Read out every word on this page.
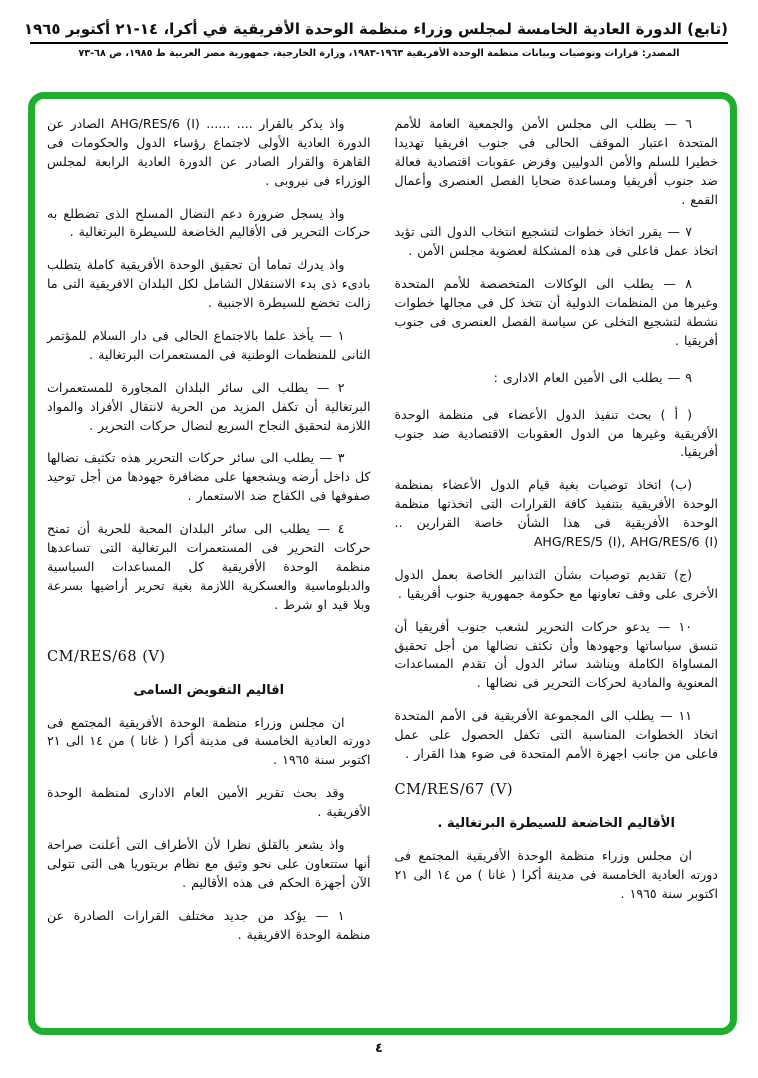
(تابع) الدورة العادية الخامسة لمجلس وزراء منظمة الوحدة الأفريقية في أكرا، ١٤-٢١ أكتوبر ١٩٦٥
المصدر: قرارات وتوصيات وبيانات منظمة الوحدة الأفريقية ١٩٦٣-١٩٨٣، وزارة الخارجية، جمهورية مصر العربية ط ١٩٨٥، ص ٦٨-٧٣

٦ — يطلب الى مجلس الأمن والجمعية العامة للأمم المتحدة اعتبار الموقف الحالى فى جنوب افريقيا تهديدا خطيرا للسلم والأمن الدوليين وفرض عقوبات اقتصادية فعالة ضد جنوب أفريقيا ومساعدة ضحايا الفصل العنصرى وأعمال القمع .

٧ — يقرر اتخاذ خطوات لتشجيع انتخاب الدول التى تؤيد اتخاذ عمل فاعلى فى هذه المشكلة لعضوية مجلس الأمن .

٨ — يطلب الى الوكالات المتخصصة للأمم المتحدة وغيرها من المنظمات الدولية أن تتخذ كل فى مجالها خطوات نشطة لتشجيع التخلى عن سياسة الفصل العنصرى فى جنوب أفريقيا .

٩ — يطلب الى الأمين العام الادارى :

( أ ) بحث تنفيذ الدول الأعضاء فى منظمة الوحدة الأفريقية وغيرها من الدول العقوبات الاقتصادية ضد جنوب أفريقيا.

(ب) اتخاذ توصيات بغية قيام الدول الأعضاء بمنظمة الوحدة الأفريقية بتنفيذ كافة القرارات التى اتخذتها منظمة الوحدة الأفريقية فى هذا الشأن خاصة القرارين .. AHG/RES/5 (I), AHG/RES/6 (I)

(ج) تقديم توصيات بشأن التدابير الخاصة بعمل الدول الأخرى على وقف تعاونها مع حكومة جمهورية جنوب أفريقيا .

١٠ — يدعو حركات التحرير لشعب جنوب أفريقيا أن تنسق سياساتها وجهودها وأن تكثف نضالها من أجل تحقيق المساواة الكاملة ويناشد سائر الدول أن تقدم المساعدات المعنوية والمادية لحركات التحرير فى نضالها .

١١ — يطلب الى المجموعة الأفريقية فى الأمم المتحدة اتخاذ الخطوات المناسبة التى تكفل الحصول على عمل فاعلى من جانب اجهزة الأمم المتحدة فى ضوء هذا القرار .

CM/RES/67 (V)

الأقاليم الخاضعة للسيطرة البرتغالية .

ان مجلس وزراء منظمة الوحدة الأفريقية المجتمع فى دورته العادية الخامسة فى مدينة أكرا ( غانا ) من ١٤ الى ٢١ اكتوبر سنة ١٩٦٥ .

واذ يذكر بالقرار .... ...... AHG/RES/6 (I) الصادر عن الدورة العادية الأولى لاجتماع رؤساء الدول والحكومات فى القاهرة والقرار الصادر عن الدورة العادية الرابعة لمجلس الوزراء فى نيروبى .

واذ يسجل ضرورة دعم النضال المسلح الذى تضطلع به حركات التحرير فى الأقاليم الخاضعة للسيطرة البرتغالية .

واذ يدرك تماما أن تحقيق الوحدة الأفريقية كاملة يتطلب بادىء ذى بدء الاستقلال الشامل لكل البلدان الافريقية التى ما زالت تخضع للسيطرة الاجنبية .

١ — يأخذ علما بالاجتماع الحالى فى دار السلام للمؤتمر الثانى للمنظمات الوطنية فى المستعمرات البرتغالية .

٢ — يطلب الى سائر البلدان المجاورة للمستعمرات البرتغالية أن تكفل المزيد من الحرية لانتقال الأفراد والمواد اللازمة لتحقيق النجاح السريع لنضال حركات التحرير .

٣ — يطلب الى سائر حركات التحرير هذه تكثيف نضالها كل داخل أرضه ويشجعها على مضافرة جهودها من أجل توحيد صفوفها فى الكفاح ضد الاستعمار .

٤ — يطلب الى سائر البلدان المحبة للحرية أن تمنح حركات التحرير فى المستعمرات البرتغالية التى تساعدها منظمة الوحدة الأفريقية كل المساعدات السياسية والدبلوماسية والعسكرية اللازمة بغية تحرير أراضيها بسرعة وبلا قيد او شرط .

CM/RES/68 (V)

اقاليم التفويض السامى

ان مجلس وزراء منظمة الوحدة الأفريقية المجتمع فى دورته العادية الخامسة فى مدينة أكرا ( غانا ) من ١٤ الى ٢١ اكتوبر سنة ١٩٦٥ .

وقد بحث تقرير الأمين العام الادارى لمنظمة الوحدة الأفريقية .

واذ يشعر بالقلق نظرا لأن الأطراف التى أعلنت صراحة أنها ستتعاون على نحو وثيق مع نظام بريتوريا هى التى تتولى الآن أجهزة الحكم فى هذه الأقاليم .

١ — يؤكد من جديد مختلف القرارات الصادرة عن منظمة الوحدة الافريقية .

٤
